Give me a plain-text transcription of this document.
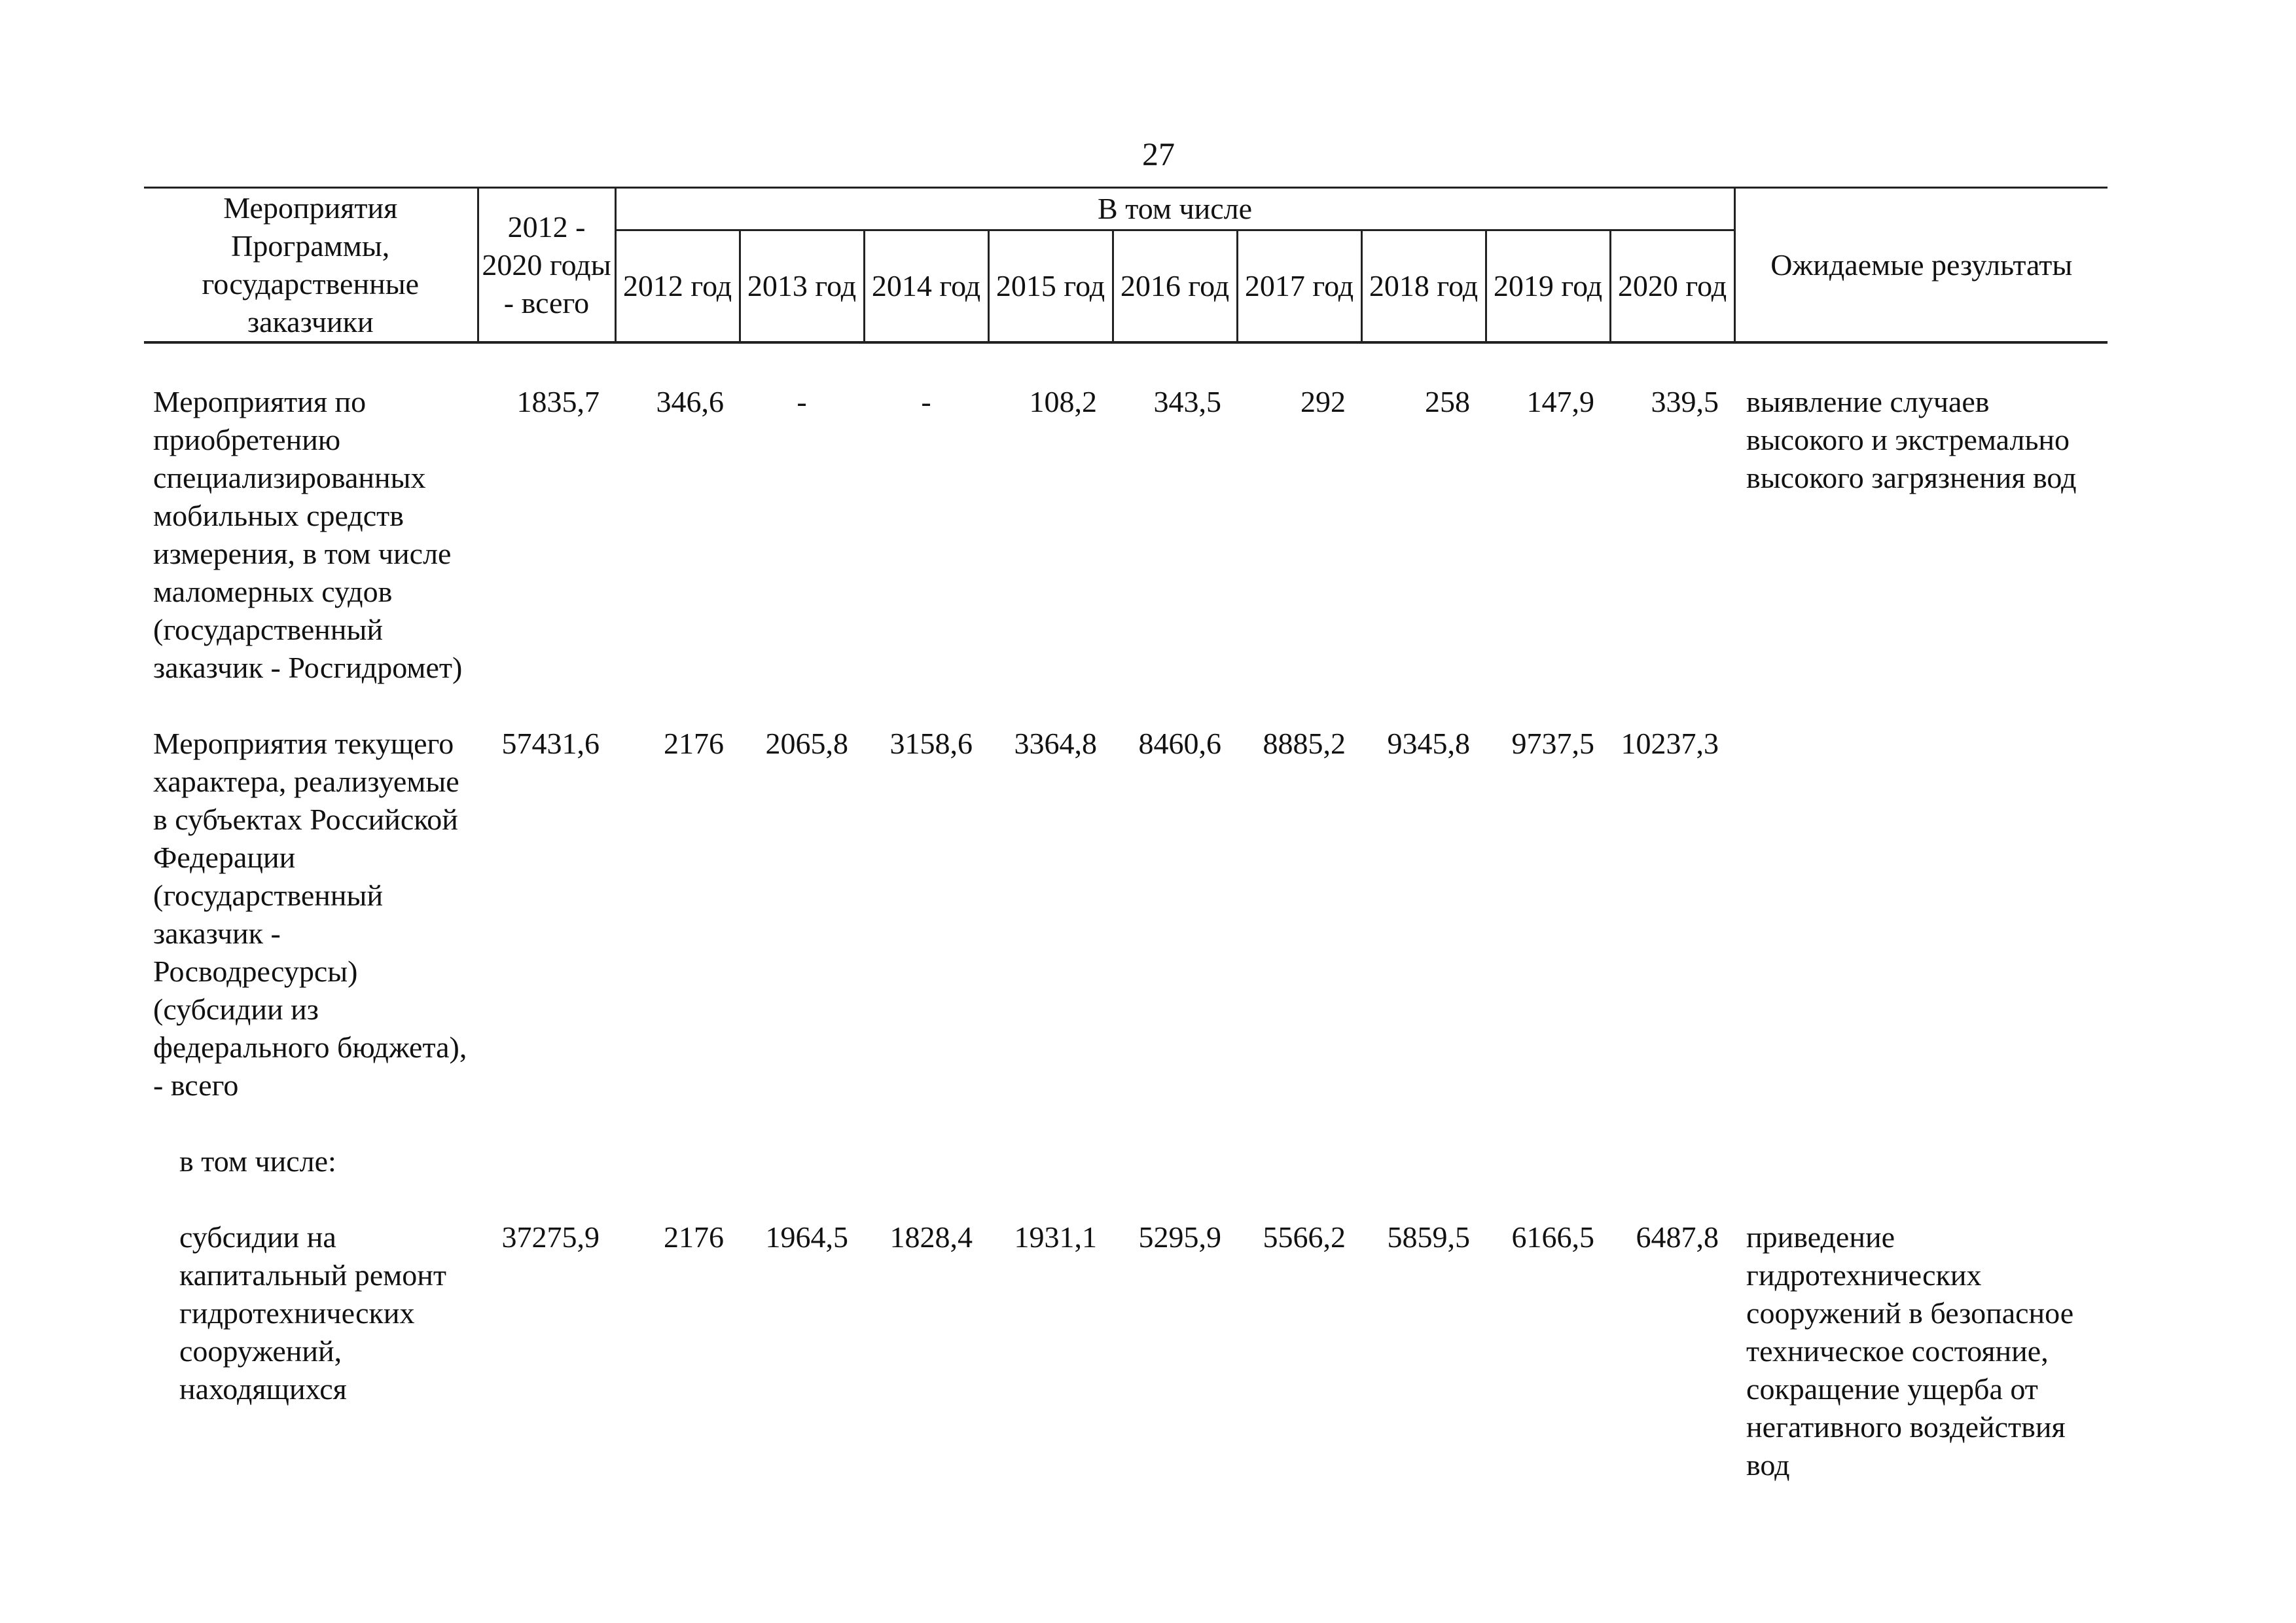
27
Мероприятия Программы, государственные заказчики	2012 - 2020 годы - всего	В том числе									Ожидаемые результаты
		2012 год	2013 год	2014 год	2015 год	2016 год	2017 год	2018 год	2019 год	2020 год	

Мероприятия по приобретению специализированных мобильных средств измерения, в том числе маломерных судов (государственный заказчик - Росгидромет)	1835,7	346,6	-	-	108,2	343,5	292	258	147,9	339,5	выявление случаев высокого и экстремально высокого загрязнения вод

Мероприятия текущего характера, реализуемые в субъектах Российской Федерации (государственный заказчик - Росводресурсы) (субсидии из федерального бюджета), - всего	57431,6	2176	2065,8	3158,6	3364,8	8460,6	8885,2	9345,8	9737,5	10237,3	

в том числе:											

субсидии на капитальный ремонт гидротехнических сооружений, находящихся	37275,9	2176	1964,5	1828,4	1931,1	5295,9	5566,2	5859,5	6166,5	6487,8	приведение гидротехнических сооружений в безопасное техническое состояние, сокращение ущерба от негативного воздействия вод
